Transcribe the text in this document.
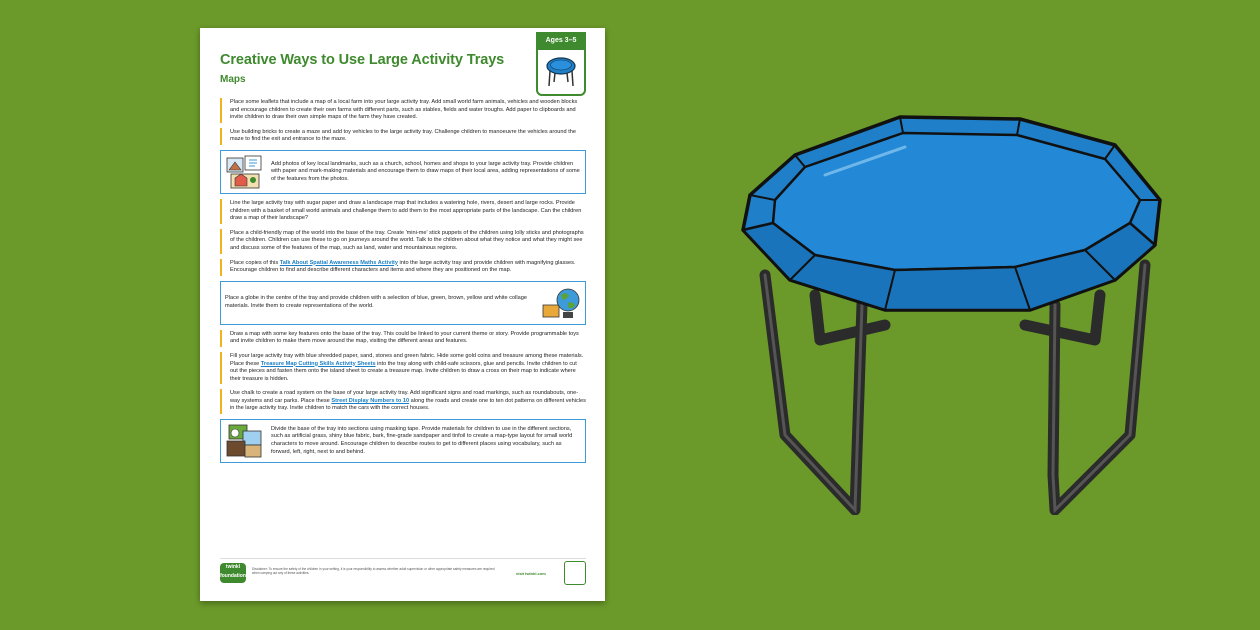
Creative Ways to Use Large Activity Trays
Maps
Ages 3–5
Place some leaflets that include a map of a local farm into your large activity tray. Add small world farm animals, vehicles and wooden blocks and encourage children to create their own farms with different parts, such as stables, fields and water troughs. Add paper to clipboards and invite children to draw their own simple maps of the farm they have created.
Use building bricks to create a maze and add toy vehicles to the large activity tray. Challenge children to manoeuvre the vehicles around the maze to find the exit and entrance to the maze.
Add photos of key local landmarks, such as a church, school, homes and shops to your large activity tray. Provide children with paper and mark-making materials and encourage them to draw maps of their local area, adding representations of some of the features from the photos.
Line the large activity tray with sugar paper and draw a landscape map that includes a watering hole, rivers, desert and large rocks. Provide children with a basket of small world animals and challenge them to add them to the most appropriate parts of the landscape. Can the children draw a map of their landscape?
Place a child-friendly map of the world into the base of the tray. Create 'mini-me' stick puppets of the children using lolly sticks and photographs of the children. Children can use these to go on journeys around the world. Talk to the children about what they notice and what they might see and discuss some of the features of the map, such as land, water and mountainous regions.
Place copies of this Talk About Spatial Awareness Maths Activity into the large activity tray and provide children with magnifying glasses. Encourage children to find and describe different characters and items and where they are positioned on the map.
Place a globe in the centre of the tray and provide children with a selection of blue, green, brown, yellow and white collage materials. Invite them to create representations of the world.
Draw a map with some key features onto the base of the tray. This could be linked to your current theme or story. Provide programmable toys and invite children to make them move around the map, visiting the different areas and features.
Fill your large activity tray with blue shredded paper, sand, stones and green fabric. Hide some gold coins and treasure among these materials. Place these Treasure Map Cutting Skills Activity Sheets into the tray along with child-safe scissors, glue and pencils. Invite children to cut out the pieces and fasten them onto the island sheet to create a treasure map. Invite children to draw a cross on their map to indicate where their treasure is hidden.
Use chalk to create a road system on the base of your large activity tray. Add significant signs and road markings, such as roundabouts, one-way systems and car parks. Place these Street Display Numbers to 10 along the roads and create one to ten dot patterns on different vehicles in the large activity tray. Invite children to match the cars with the correct houses.
Divide the base of the tray into sections using masking tape. Provide materials for children to use in the different sections, such as artificial grass, shiny blue fabric, bark, fine-grade sandpaper and tinfoil to create a map-type layout for small world characters to move around. Encourage children to describe routes to get to different places using vocabulary, such as forward, left, right, next to and behind.
twinkl foundation
Disclaimer: To ensure the safety of the children in your setting, it is your responsibility to assess whether adult supervision or other appropriate safety measures are required when carrying out any of these activities.	visit twinkl.com
